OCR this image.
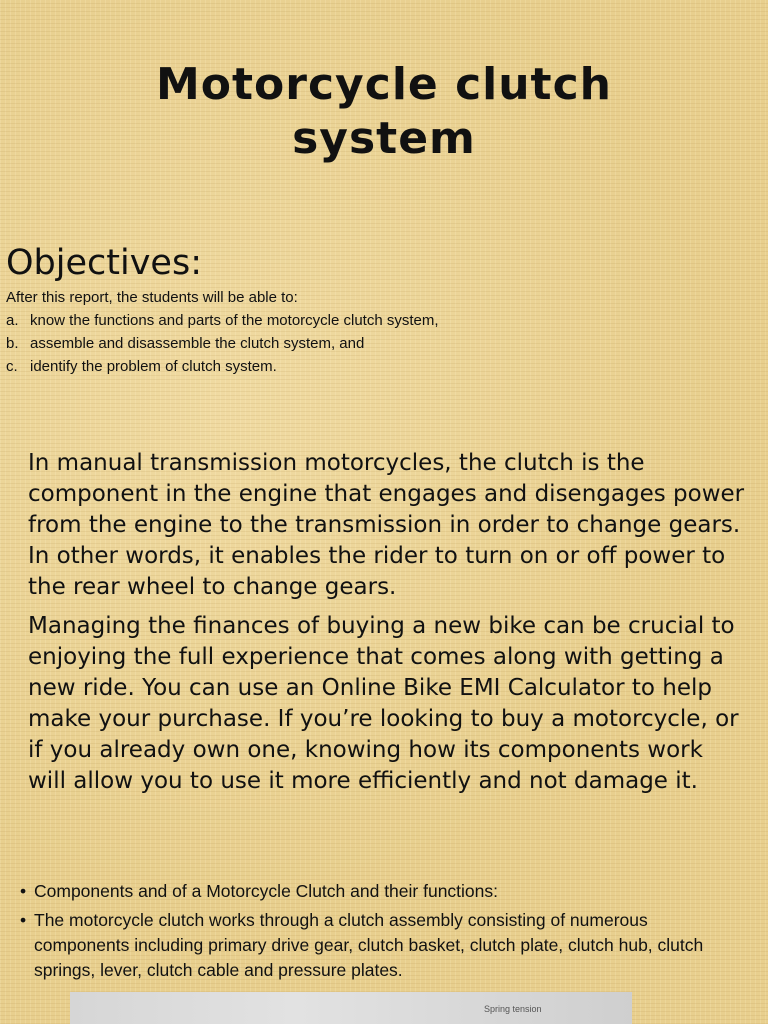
Motorcycle clutch
system
Objectives:
After this report, the students will be able to:
a. know the functions and parts of the motorcycle clutch system,
b. assemble and disassemble the clutch system, and
c. identify the problem of clutch system.

In manual transmission motorcycles, the clutch is the component in the engine that engages and disengages power from the engine to the transmission in order to change gears. In other words, it enables the rider to turn on or off power to the rear wheel to change gears.

Managing the finances of buying a new bike can be crucial to enjoying the full experience that comes along with getting a new ride. You can use an Online Bike EMI Calculator to help make your purchase. If you’re looking to buy a motorcycle, or if you already own one, knowing how its components work will allow you to use it more efficiently and not damage it.

• Components and of a Motorcycle Clutch and their functions:
• The motorcycle clutch works through a clutch assembly consisting of numerous components including primary drive gear, clutch basket, clutch plate, clutch hub, clutch springs, lever, clutch cable and pressure plates.
Spring tension
